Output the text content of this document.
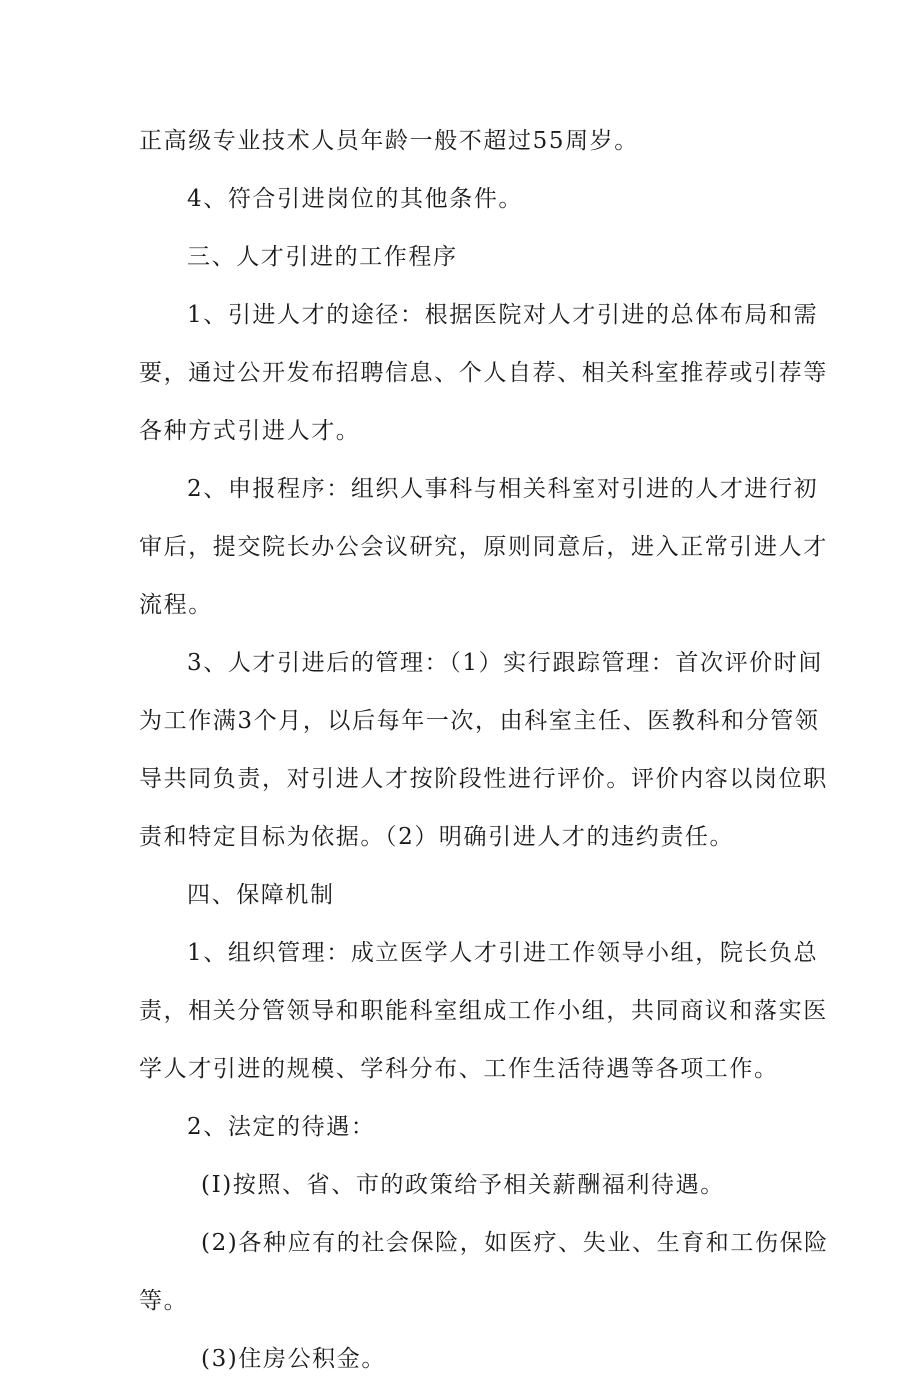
正高级专业技术人员年龄一般不超过55周岁。
4、符合引进岗位的其他条件。
三、人才引进的工作程序
1、引进人才的途径：根据医院对人才引进的总体布局和需
要，通过公开发布招聘信息、个人自荐、相关科室推荐或引荐等
各种方式引进人才。
2、申报程序：组织人事科与相关科室对引进的人才进行初
审后，提交院长办公会议研究，原则同意后，进入正常引进人才
流程。
3、人才引进后的管理：（1）实行跟踪管理：首次评价时间
为工作满3个月，以后每年一次，由科室主任、医教科和分管领
导共同负责，对引进人才按阶段性进行评价。评价内容以岗位职
责和特定目标为依据。（2）明确引进人才的违约责任。
四、保障机制
1、组织管理：成立医学人才引进工作领导小组，院长负总
责，相关分管领导和职能科室组成工作小组，共同商议和落实医
学人才引进的规模、学科分布、工作生活待遇等各项工作。
2、法定的待遇：
(I)按照、省、市的政策给予相关薪酬福利待遇。
(2)各种应有的社会保险，如医疗、失业、生育和工伤保险
等。
(3)住房公积金。
